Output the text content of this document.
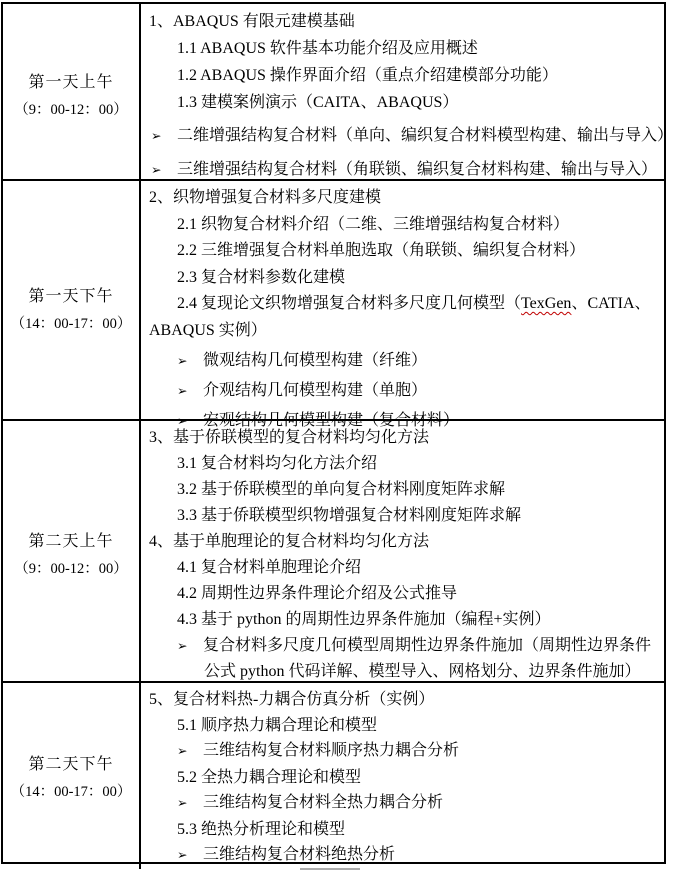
第一天上午
（9：00-12：00）
1、ABAQUS 有限元建模基础
1.1 ABAQUS 软件基本功能介绍及应用概述
1.2 ABAQUS 操作界面介绍（重点介绍建模部分功能）
1.3 建模案例演示（CAITA、ABAQUS）
➢ 二维增强结构复合材料（单向、编织复合材料模型构建、输出与导入）
➢ 三维增强结构复合材料（角联锁、编织复合材料构建、输出与导入）
第一天下午
（14：00-17：00）
2、织物增强复合材料多尺度建模
2.1 织物复合材料介绍（二维、三维增强结构复合材料）
2.2 三维增强复合材料单胞选取（角联锁、编织复合材料）
2.3 复合材料参数化建模
2.4 复现论文织物增强复合材料多尺度几何模型（TexGen、CATIA、
ABAQUS 实例）
➢ 微观结构几何模型构建（纤维）
➢ 介观结构几何模型构建（单胞）
➢ 宏观结构几何模型构建（复合材料）
第二天上午
（9：00-12：00）
3、基于侨联模型的复合材料均匀化方法
3.1 复合材料均匀化方法介绍
3.2 基于侨联模型的单向复合材料刚度矩阵求解
3.3 基于侨联模型织物增强复合材料刚度矩阵求解
4、基于单胞理论的复合材料均匀化方法
4.1 复合材料单胞理论介绍
4.2 周期性边界条件理论介绍及公式推导
4.3 基于 python 的周期性边界条件施加（编程+实例）
➢ 复合材料多尺度几何模型周期性边界条件施加（周期性边界条件
公式 python 代码详解、模型导入、网格划分、边界条件施加）
第二天下午
（14：00-17：00）
5、复合材料热-力耦合仿真分析（实例）
5.1 顺序热力耦合理论和模型
➢ 三维结构复合材料顺序热力耦合分析
5.2 全热力耦合理论和模型
➢ 三维结构复合材料全热力耦合分析
5.3 绝热分析理论和模型
➢ 三维结构复合材料绝热分析
